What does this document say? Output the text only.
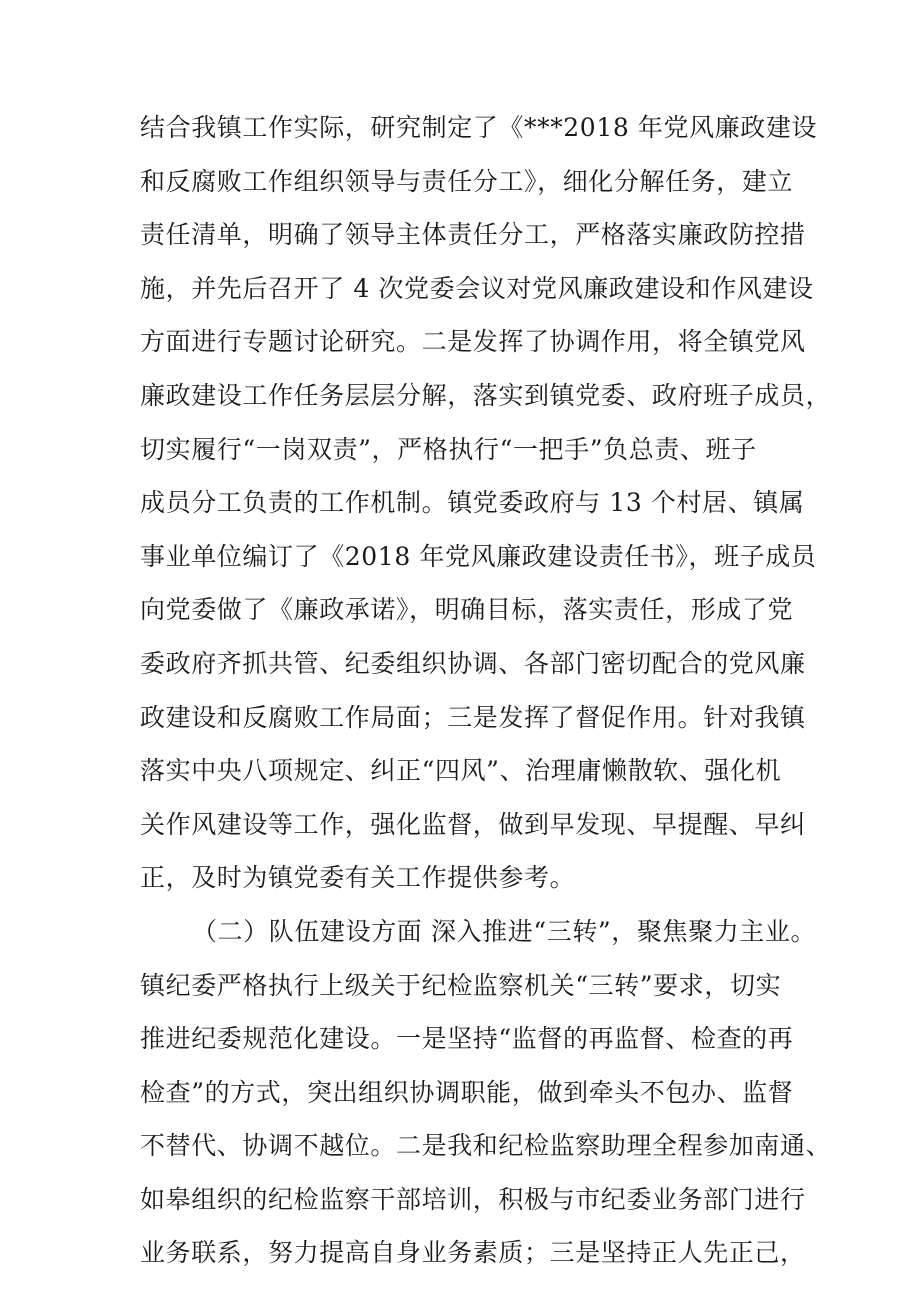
结合我镇工作实际，研究制定了《***2018 年党风廉政建设
和反腐败工作组织领导与责任分工》，细化分解任务，建立
责任清单，明确了领导主体责任分工，严格落实廉政防控措
施，并先后召开了 4 次党委会议对党风廉政建设和作风建设
方面进行专题讨论研究。二是发挥了协调作用，将全镇党风
廉政建设工作任务层层分解，落实到镇党委、政府班子成员，
切实履行“一岗双责”，严格执行“一把手”负总责、班子
成员分工负责的工作机制。镇党委政府与 13 个村居、镇属
事业单位编订了《2018 年党风廉政建设责任书》，班子成员
向党委做了《廉政承诺》，明确目标，落实责任，形成了党
委政府齐抓共管、纪委组织协调、各部门密切配合的党风廉
政建设和反腐败工作局面；三是发挥了督促作用。针对我镇
落实中央八项规定、纠正“四风”、治理庸懒散软、强化机
关作风建设等工作，强化监督，做到早发现、早提醒、早纠
正，及时为镇党委有关工作提供参考。
（二）队伍建设方面 深入推进“三转”，聚焦聚力主业。
镇纪委严格执行上级关于纪检监察机关“三转”要求，切实
推进纪委规范化建设。一是坚持“监督的再监督、检查的再
检查”的方式，突出组织协调职能，做到牵头不包办、监督
不替代、协调不越位。二是我和纪检监察助理全程参加南通、
如皋组织的纪检监察干部培训，积极与市纪委业务部门进行
业务联系，努力提高自身业务素质；三是坚持正人先正己，
